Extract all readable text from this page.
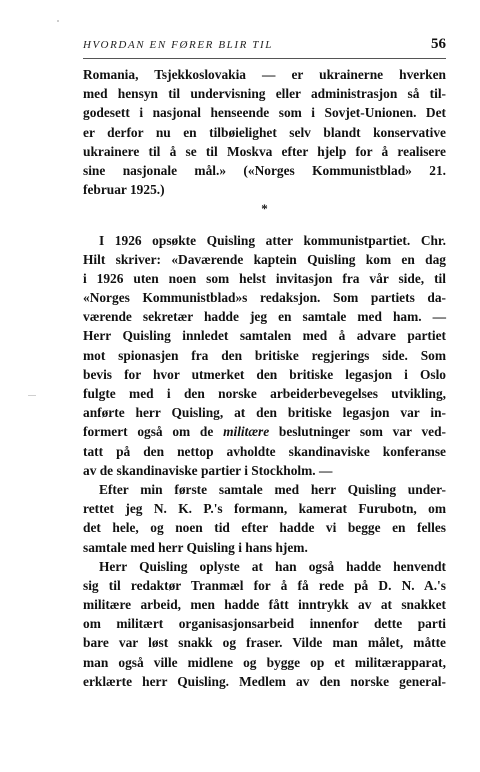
HVORDAN EN FØRER BLIR TIL	56
Romania, Tsjekkoslovakia — er ukrainerne hverken
med hensyn til undervisning eller administrasjon så til-
godesett i nasjonal henseende som i Sovjet-Unionen. Det
er derfor nu en tilbøielighet selv blandt konservative
ukrainere til å se til Moskva efter hjelp for å realisere
sine nasjonale mål.» («Norges Kommunistblad» 21.
februar 1925.)
*
I 1926 opsøkte Quisling atter kommunistpartiet. Chr.
Hilt skriver: «Daværende kaptein Quisling kom en dag
i 1926 uten noen som helst invitasjon fra vår side, til
«Norges Kommunistblad»s redaksjon. Som partiets da-
værende sekretær hadde jeg en samtale med ham. —
Herr Quisling innledet samtalen med å advare partiet
mot spionasjen fra den britiske regjerings side. Som
bevis for hvor utmerket den britiske legasjon i Oslo
fulgte med i den norske arbeiderbevegelses utvikling,
anførte herr Quisling, at den britiske legasjon var in-
formert også om de militære beslutninger som var ved-
tatt på den nettop avholdte skandinaviske konferanse
av de skandinaviske partier i Stockholm. —
Efter min første samtale med herr Quisling under-
rettet jeg N. K. P.'s formann, kamerat Furubotn, om
det hele, og noen tid efter hadde vi begge en felles
samtale med herr Quisling i hans hjem.
Herr Quisling oplyste at han også hadde henvendt
sig til redaktør Tranmæl for å få rede på D. N. A.'s
militære arbeid, men hadde fått inntrykk av at snakket
om militært organisasjonsarbeid innenfor dette parti
bare var løst snakk og fraser. Vilde man målet, måtte
man også ville midlene og bygge op et militærapparat,
erklærte herr Quisling. Medlem av den norske general-
